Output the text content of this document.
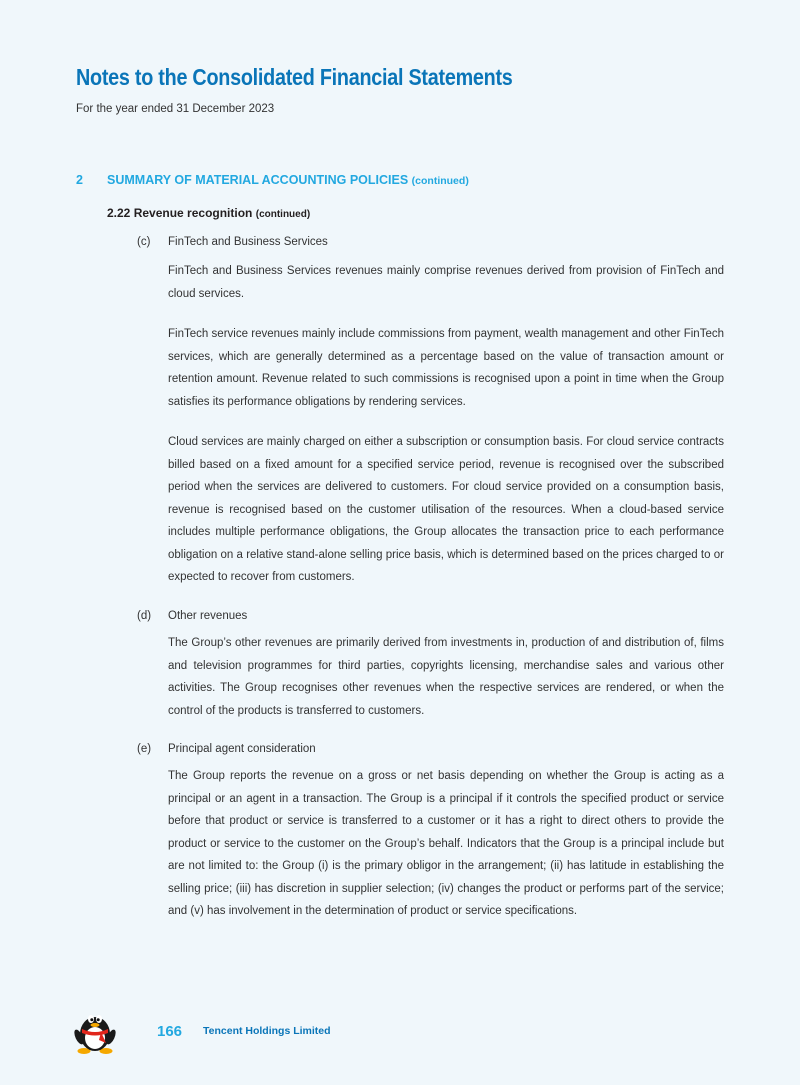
Notes to the Consolidated Financial Statements
For the year ended 31 December 2023
2 SUMMARY OF MATERIAL ACCOUNTING POLICIES (continued)
2.22 Revenue recognition (continued)
(c) FinTech and Business Services

FinTech and Business Services revenues mainly comprise revenues derived from provision of FinTech and cloud services.

FinTech service revenues mainly include commissions from payment, wealth management and other FinTech services, which are generally determined as a percentage based on the value of transaction amount or retention amount. Revenue related to such commissions is recognised upon a point in time when the Group satisfies its performance obligations by rendering services.

Cloud services are mainly charged on either a subscription or consumption basis. For cloud service contracts billed based on a fixed amount for a specified service period, revenue is recognised over the subscribed period when the services are delivered to customers. For cloud service provided on a consumption basis, revenue is recognised based on the customer utilisation of the resources. When a cloud-based service includes multiple performance obligations, the Group allocates the transaction price to each performance obligation on a relative stand-alone selling price basis, which is determined based on the prices charged to or expected to recover from customers.

(d) Other revenues

The Group’s other revenues are primarily derived from investments in, production of and distribution of, films and television programmes for third parties, copyrights licensing, merchandise sales and various other activities. The Group recognises other revenues when the respective services are rendered, or when the control of the products is transferred to customers.

(e) Principal agent consideration

The Group reports the revenue on a gross or net basis depending on whether the Group is acting as a principal or an agent in a transaction. The Group is a principal if it controls the specified product or service before that product or service is transferred to a customer or it has a right to direct others to provide the product or service to the customer on the Group’s behalf. Indicators that the Group is a principal include but are not limited to: the Group (i) is the primary obligor in the arrangement; (ii) has latitude in establishing the selling price; (iii) has discretion in supplier selection; (iv) changes the product or performs part of the service; and (v) has involvement in the determination of product or service specifications.

166 Tencent Holdings Limited
